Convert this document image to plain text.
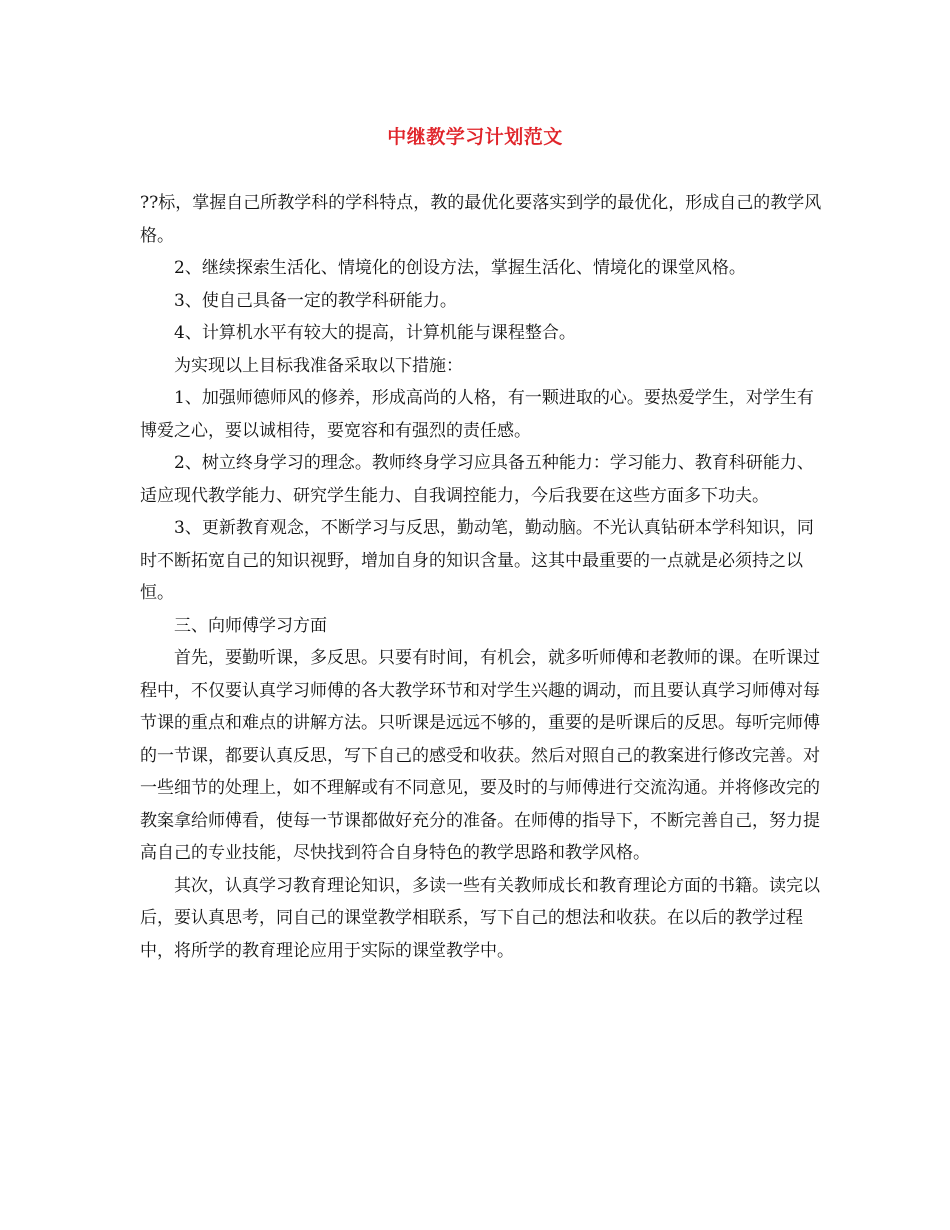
中继教学习计划范文

??标，掌握自己所教学科的学科特点，教的最优化要落实到学的最优化，形成自己的教学风格。

2、继续探索生活化、情境化的创设方法，掌握生活化、情境化的课堂风格。

3、使自己具备一定的教学科研能力。

4、计算机水平有较大的提高，计算机能与课程整合。

为实现以上目标我准备采取以下措施：

1、加强师德师风的修养，形成高尚的人格，有一颗进取的心。要热爱学生，对学生有博爱之心，要以诚相待，要宽容和有强烈的责任感。

2、树立终身学习的理念。教师终身学习应具备五种能力：学习能力、教育科研能力、适应现代教学能力、研究学生能力、自我调控能力，今后我要在这些方面多下功夫。

3、更新教育观念，不断学习与反思，勤动笔，勤动脑。不光认真钻研本学科知识，同时不断拓宽自己的知识视野，增加自身的知识含量。这其中最重要的一点就是必须持之以恒。

三、向师傅学习方面

首先，要勤听课，多反思。只要有时间，有机会，就多听师傅和老教师的课。在听课过程中，不仅要认真学习师傅的各大教学环节和对学生兴趣的调动，而且要认真学习师傅对每节课的重点和难点的讲解方法。只听课是远远不够的，重要的是听课后的反思。每听完师傅的一节课，都要认真反思，写下自己的感受和收获。然后对照自己的教案进行修改完善。对一些细节的处理上，如不理解或有不同意见，要及时的与师傅进行交流沟通。并将修改完的教案拿给师傅看，使每一节课都做好充分的准备。在师傅的指导下，不断完善自己，努力提高自己的专业技能，尽快找到符合自身特色的教学思路和教学风格。

其次，认真学习教育理论知识，多读一些有关教师成长和教育理论方面的书籍。读完以后，要认真思考，同自己的课堂教学相联系，写下自己的想法和收获。在以后的教学过程中，将所学的教育理论应用于实际的课堂教学中。
